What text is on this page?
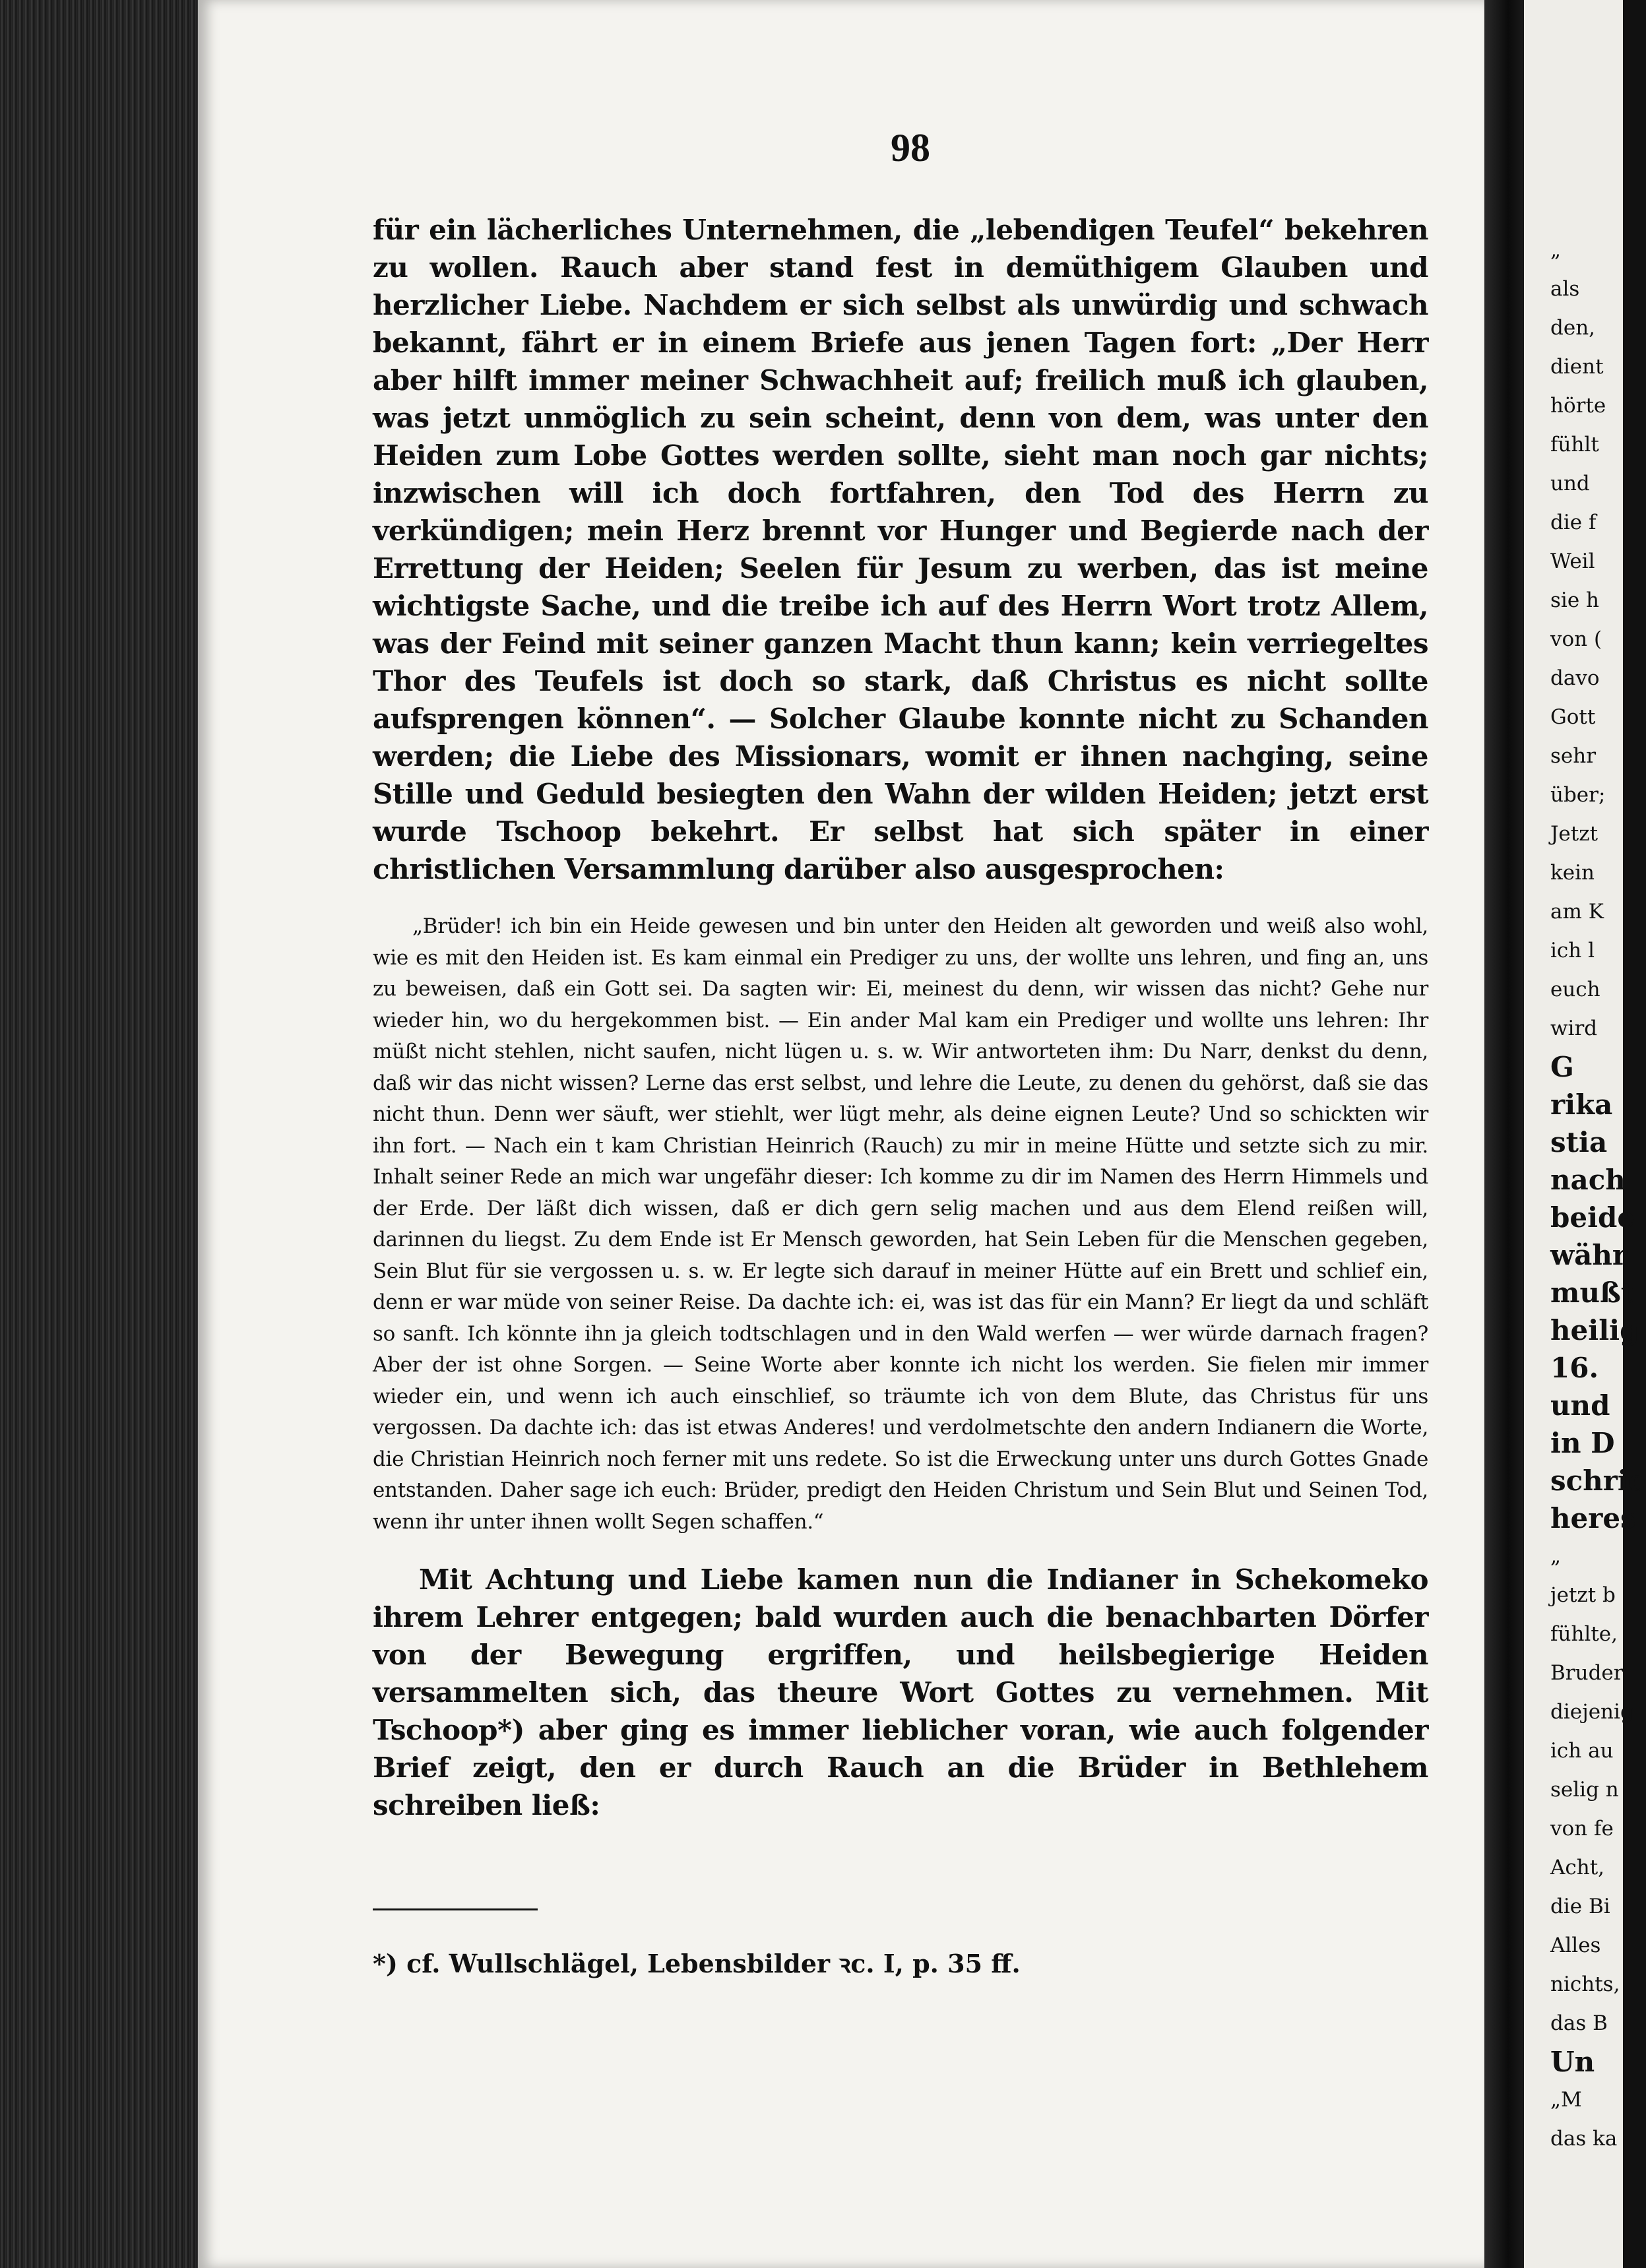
98

für ein lächerliches Unternehmen, die „lebendigen Teufel“ bekehren zu wollen. Rauch aber stand fest in demüthigem Glauben und herzlicher Liebe. Nachdem er sich selbst als unwürdig und schwach bekannt, fährt er in einem Briefe aus jenen Tagen fort: „Der Herr aber hilft immer meiner Schwachheit auf; freilich muß ich glauben, was jetzt unmöglich zu sein scheint, denn von dem, was unter den Heiden zum Lobe Gottes werden sollte, sieht man noch gar nichts; inzwischen will ich doch fortfahren, den Tod des Herrn zu verkündigen; mein Herz brennt vor Hunger und Begierde nach der Errettung der Heiden; Seelen für Jesum zu werben, das ist meine wichtigste Sache, und die treibe ich auf des Herrn Wort trotz Allem, was der Feind mit seiner ganzen Macht thun kann; kein verriegeltes Thor des Teufels ist doch so stark, daß Christus es nicht sollte aufsprengen können“. — Solcher Glaube konnte nicht zu Schanden werden; die Liebe des Missionars, womit er ihnen nachging, seine Stille und Geduld besiegten den Wahn der wilden Heiden; jetzt erst wurde Tschoop bekehrt. Er selbst hat sich später in einer christlichen Versammlung darüber also ausgesprochen:

„Brüder! ich bin ein Heide gewesen und bin unter den Heiden alt geworden und weiß also wohl, wie es mit den Heiden ist. Es kam einmal ein Prediger zu uns, der wollte uns lehren, und fing an, uns zu beweisen, daß ein Gott sei. Da sagten wir: Ei, meinest du denn, wir wissen das nicht? Gehe nur wieder hin, wo du hergekommen bist. — Ein ander Mal kam ein Prediger und wollte uns lehren: Ihr müßt nicht stehlen, nicht saufen, nicht lügen u. s. w. Wir antworteten ihm: Du Narr, denkst du denn, daß wir das nicht wissen? Lerne das erst selbst, und lehre die Leute, zu denen du gehörst, daß sie das nicht thun. Denn wer säuft, wer stiehlt, wer lügt mehr, als deine eignen Leute? Und so schickten wir ihn fort. — Nach ein t kam Christian Heinrich (Rauch) zu mir in meine Hütte und setzte sich zu mir. Inhalt seiner Rede an mich war ungefähr dieser: Ich komme zu dir im Namen des Herrn Himmels und der Erde. Der läßt dich wissen, daß er dich gern selig machen und aus dem Elend reißen will, darinnen du liegst. Zu dem Ende ist Er Mensch geworden, hat Sein Leben für die Menschen gegeben, Sein Blut für sie vergossen u. s. w. Er legte sich darauf in meiner Hütte auf ein Brett und schlief ein, denn er war müde von seiner Reise. Da dachte ich: ei, was ist das für ein Mann? Er liegt da und schläft so sanft. Ich könnte ihn ja gleich todtschlagen und in den Wald werfen — wer würde darnach fragen? Aber der ist ohne Sorgen. — Seine Worte aber konnte ich nicht los werden. Sie fielen mir immer wieder ein, und wenn ich auch einschlief, so träumte ich von dem Blute, das Christus für uns vergossen. Da dachte ich: das ist etwas Anderes! und verdolmetschte den andern Indianern die Worte, die Christian Heinrich noch ferner mit uns redete. So ist die Erweckung unter uns durch Gottes Gnade entstanden. Daher sage ich euch: Brüder, predigt den Heiden Christum und Sein Blut und Seinen Tod, wenn ihr unter ihnen wollt Segen schaffen.“

Mit Achtung und Liebe kamen nun die Indianer in Schekomeko ihrem Lehrer entgegen; bald wurden auch die benachbarten Dörfer von der Bewegung ergriffen, und heilsbegierige Heiden versammelten sich, das theure Wort Gottes zu vernehmen. Mit Tschoop*) aber ging es immer lieblicher voran, wie auch folgender Brief zeigt, den er durch Rauch an die Brüder in Bethlehem schreiben ließ:

*) cf. Wullschlägel, Lebensbilder ꝛc. I, p. 35 ff.
„
als
den,
dient
hörte
fühlt
und
die f
Weil
sie h
von (
davo
Gott
sehr
über;
Jetzt
kein
am K
ich l
euch
wird
G
rika
stia
nach
beide
währ
mußt
heilig
16.
und
in D
schrie
heres
„
jetzt b
fühlte,
Bruder
diejenig
ich au
selig n
von fe
Acht,
die Bi
Alles
nichts,
das B
Un
„M
das ka
